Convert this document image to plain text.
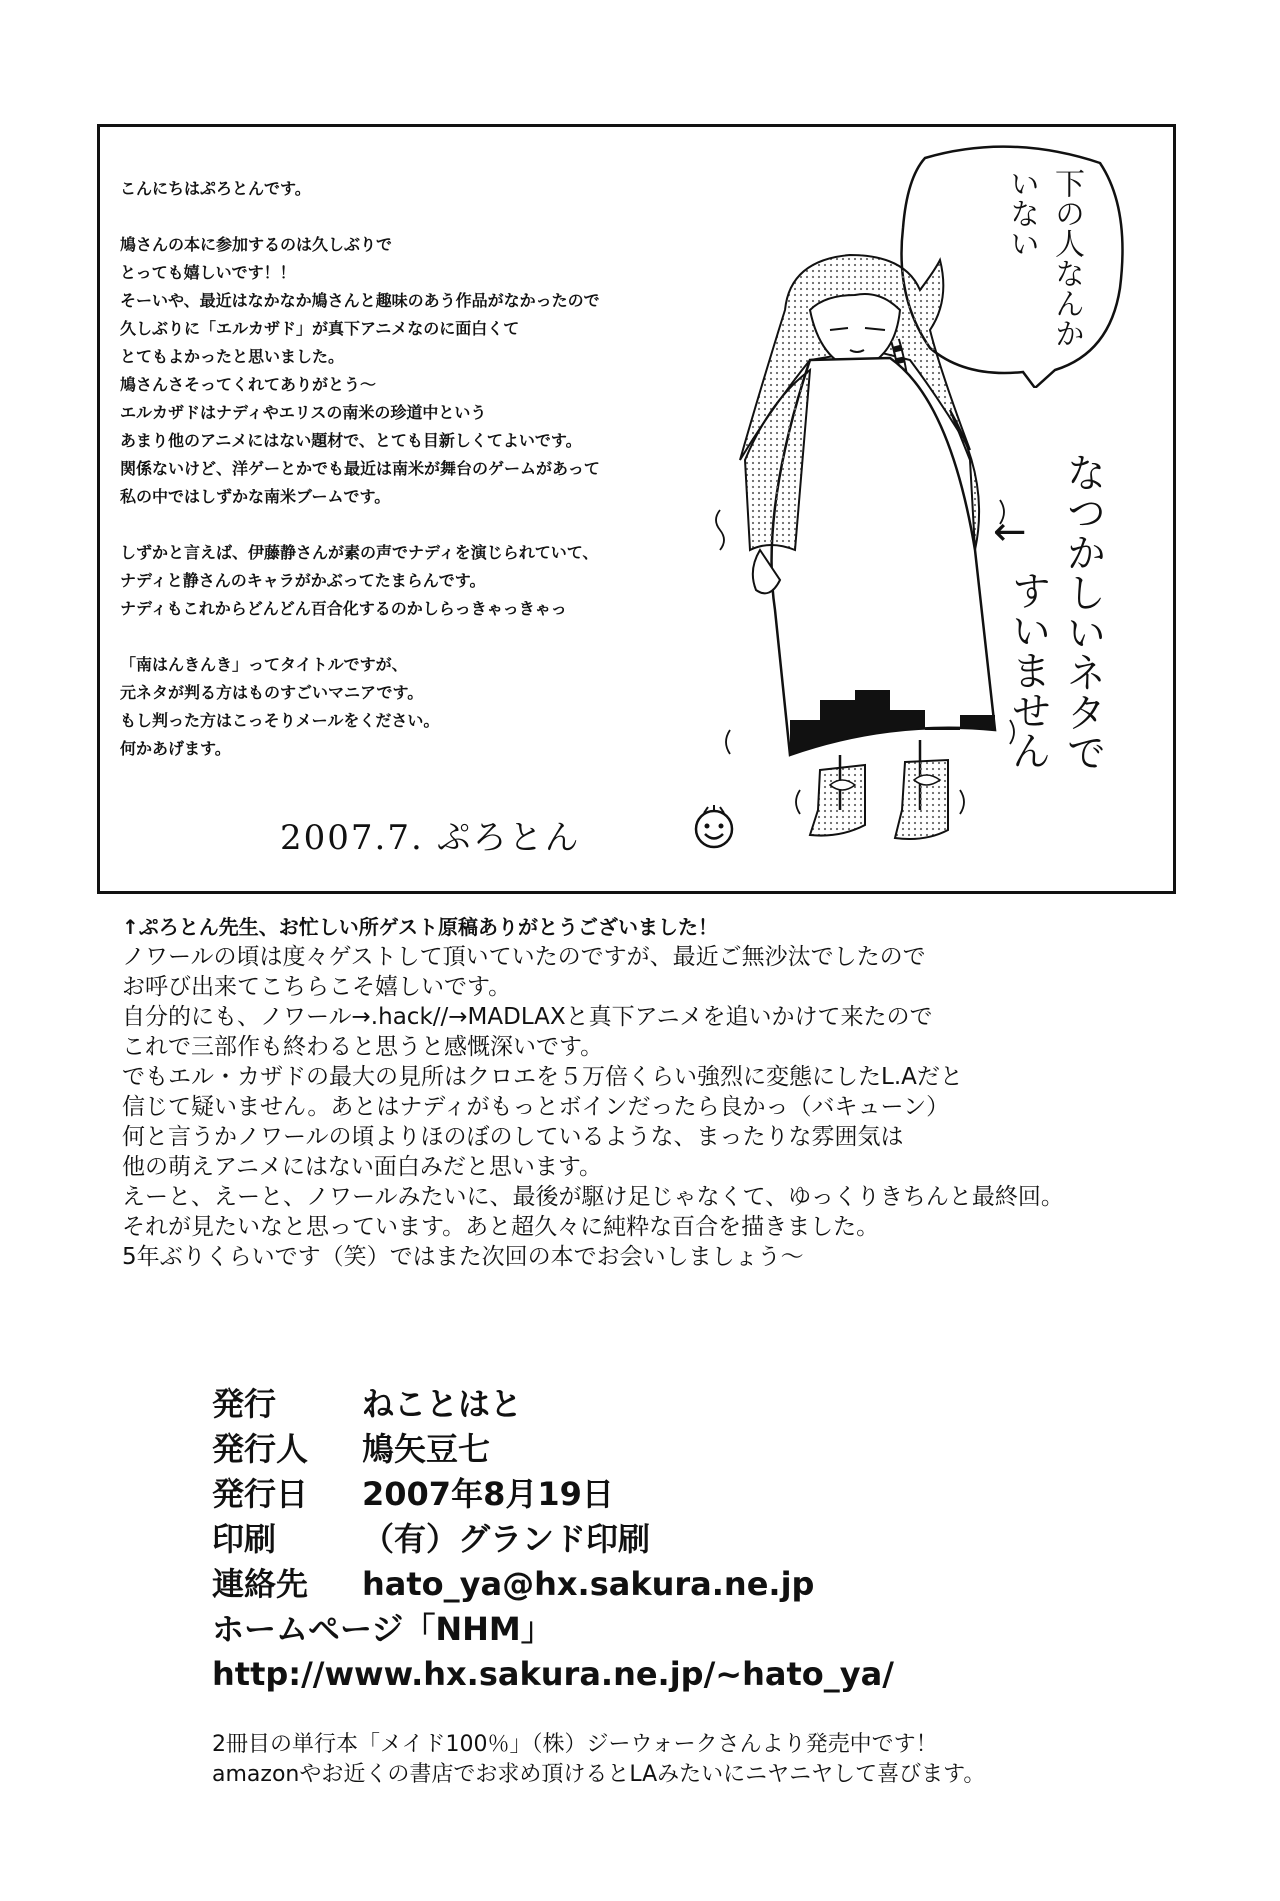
こんにちはぷろとんです。
鳩さんの本に参加するのは久しぶりで
とっても嬉しいです！！
そーいや、最近はなかなか鳩さんと趣味のあう作品がなかったので
久しぶりに「エルカザド」が真下アニメなのに面白くて
とてもよかったと思いました。
鳩さんさそってくれてありがとう～
エルカザドはナディやエリスの南米の珍道中という
あまり他のアニメにはない題材で、とても目新しくてよいです。
関係ないけど、洋ゲーとかでも最近は南米が舞台のゲームがあって
私の中ではしずかな南米ブームです。
しずかと言えば、伊藤静さんが素の声でナディを演じられていて、
ナディと静さんのキャラがかぶってたまらんです。
ナディもこれからどんどん百合化するのかしらっきゃっきゃっ
「南はんきんき」ってタイトルですが、
元ネタが判る方はものすごいマニアです。
もし判った方はこっそりメールをください。
何かあげます。
2007.7. ぷろとん
下の人なんか
いない
← なつかしいネタで
すいません
↑ぷろとん先生、お忙しい所ゲスト原稿ありがとうございました！
ノワールの頃は度々ゲストして頂いていたのですが、最近ご無沙汰でしたので
お呼び出来てこちらこそ嬉しいです。
自分的にも、ノワール→.hack//→MADLAXと真下アニメを追いかけて来たので
これで三部作も終わると思うと感慨深いです。
でもエル・カザドの最大の見所はクロエを５万倍くらい強烈に変態にしたL.Aだと
信じて疑いません。あとはナディがもっとボインだったら良かっ（バキューン）
何と言うかノワールの頃よりほのぼのしているような、まったりな雰囲気は
他の萌えアニメにはない面白みだと思います。
えーと、えーと、ノワールみたいに、最後が駆け足じゃなくて、ゆっくりきちんと最終回。
それが見たいなと思っています。あと超久々に純粋な百合を描きました。
5年ぶりくらいです（笑）ではまた次回の本でお会いしましょう～
発行	ねことはと
発行人	鳩矢豆七
発行日	2007年8月19日
印刷	（有）グランド印刷
連絡先	hato_ya@hx.sakura.ne.jp
ホームページ「NHM」
http://www.hx.sakura.ne.jp/~hato_ya/
2冊目の単行本「メイド100％」（株）ジーウォークさんより発売中です！
amazonやお近くの書店でお求め頂けるとLAみたいにニヤニヤして喜びます。
